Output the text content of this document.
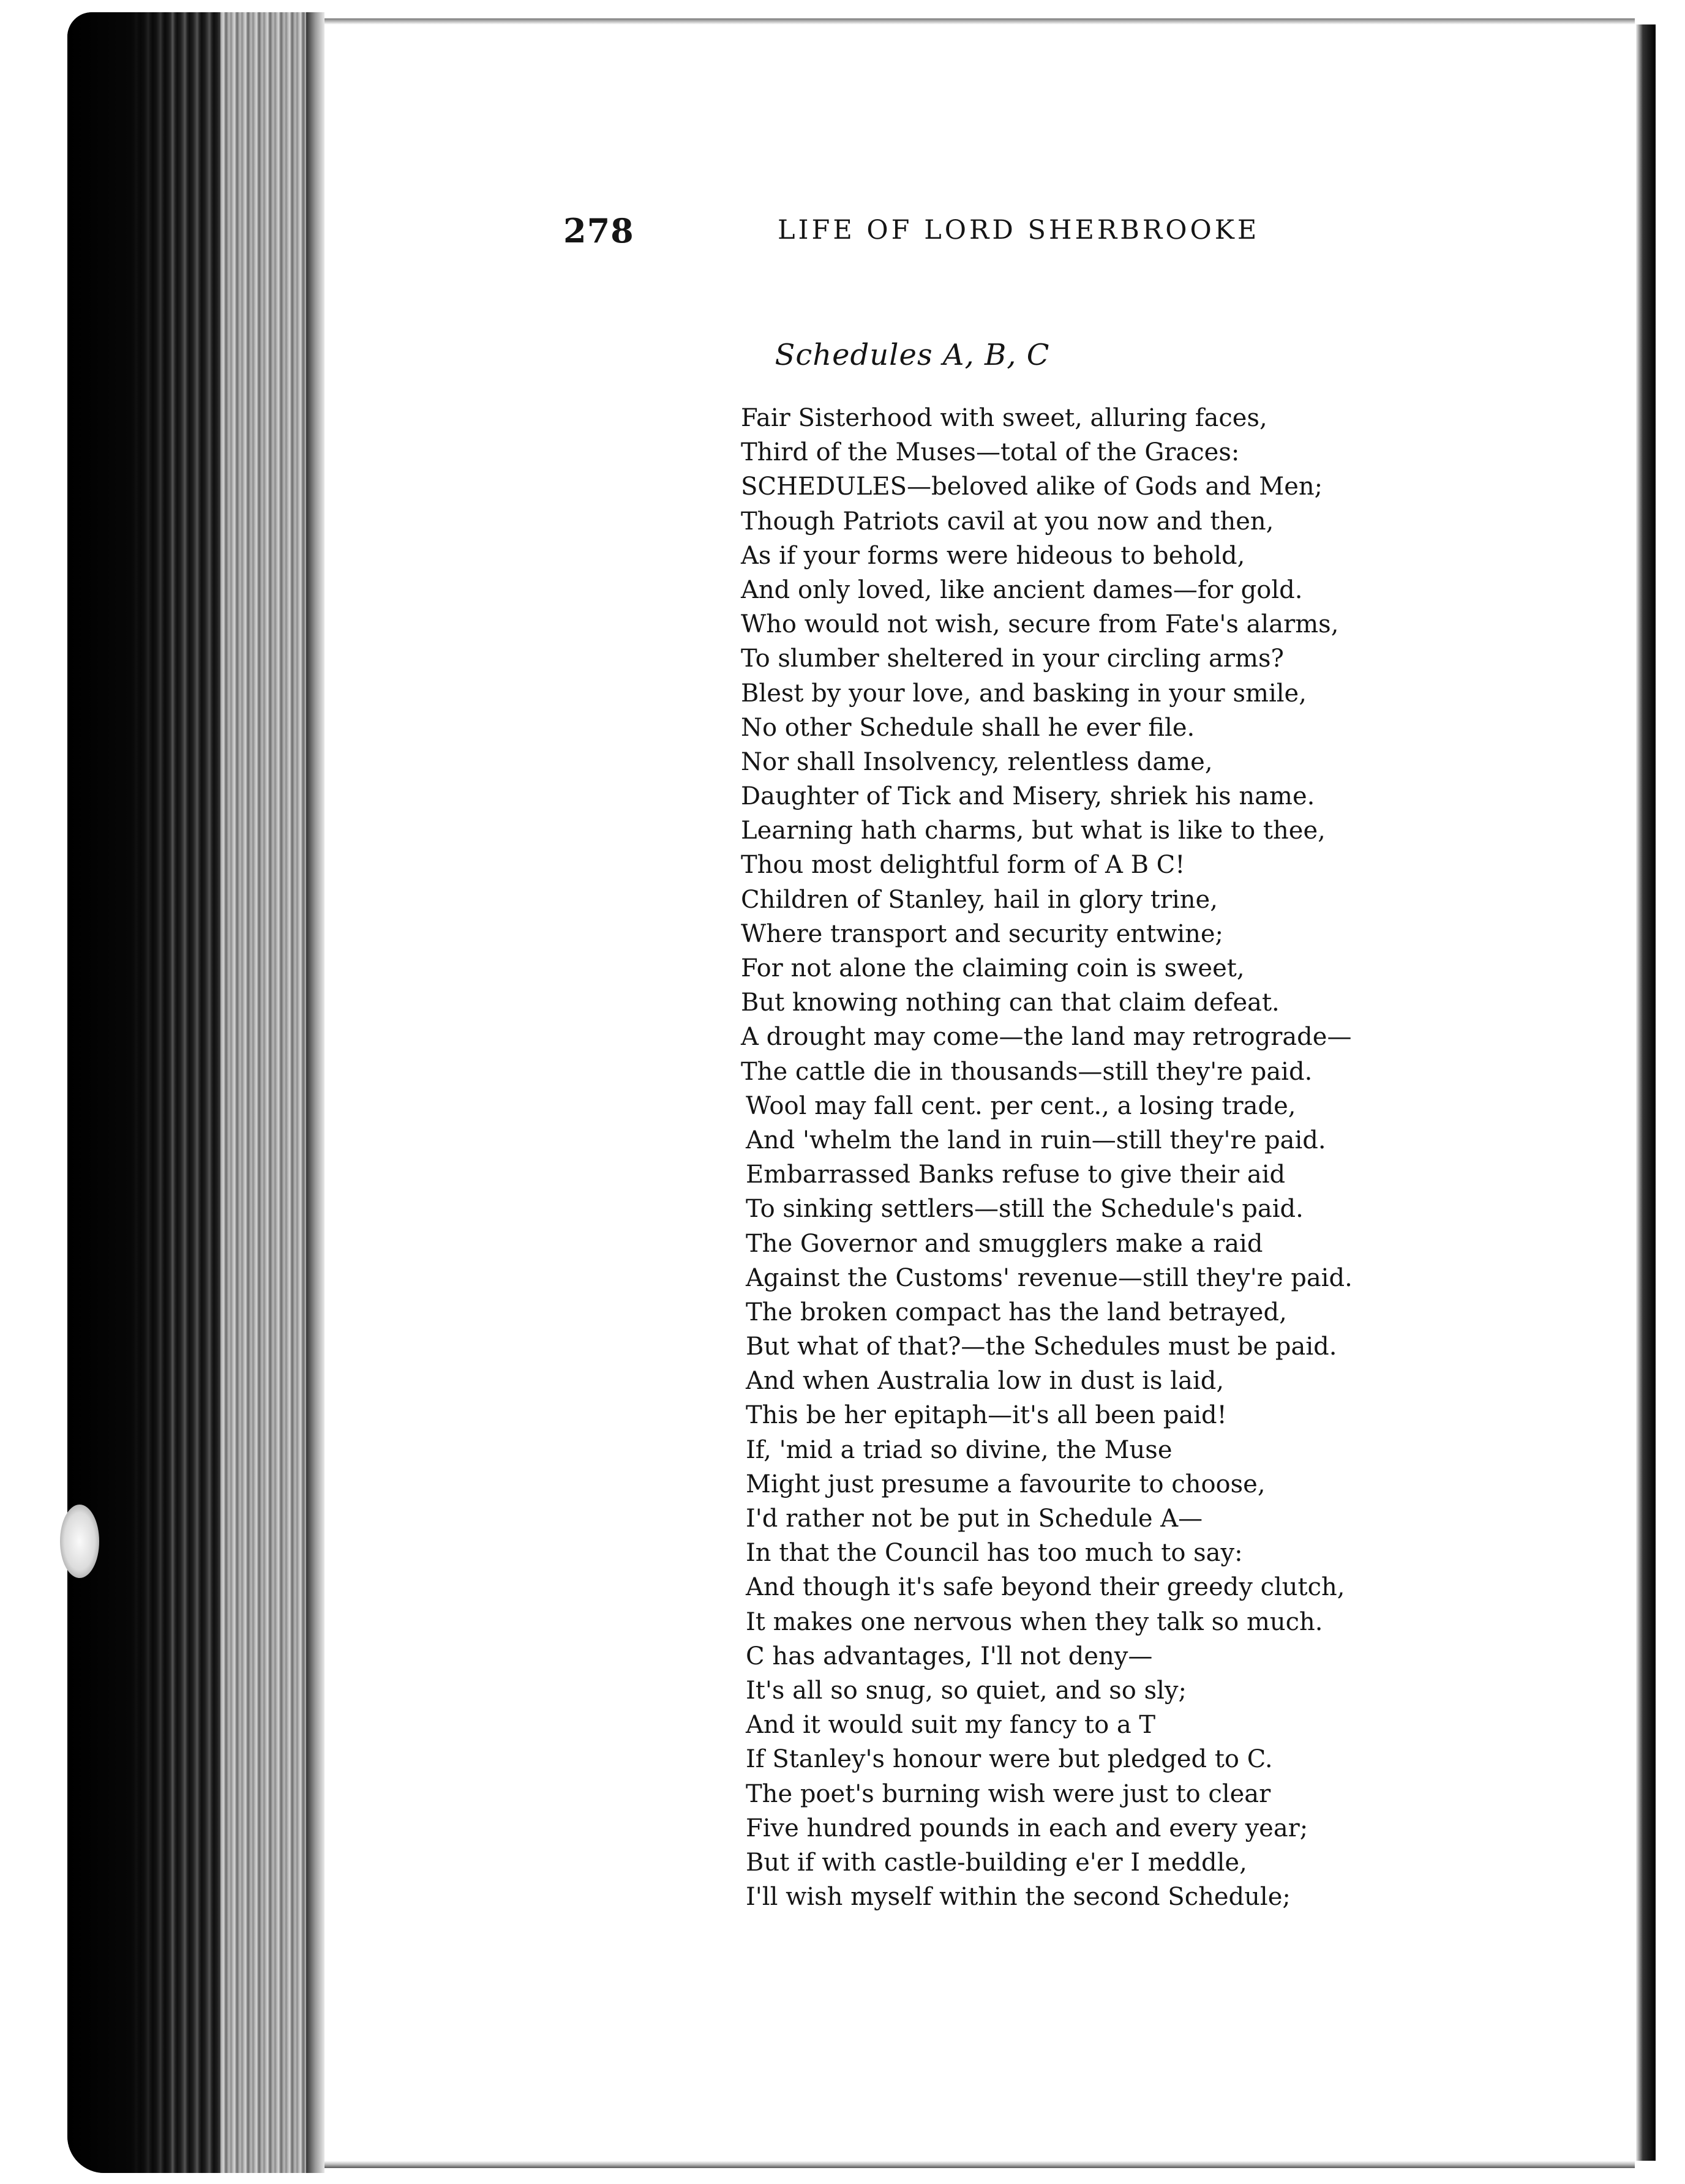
278	LIFE OF LORD SHERBROOKE
Schedules A, B, C
Fair Sisterhood with sweet, alluring faces,
Third of the Muses—total of the Graces:
SCHEDULES—beloved alike of Gods and Men;
Though Patriots cavil at you now and then,
As if your forms were hideous to behold,
And only loved, like ancient dames—for gold.
Who would not wish, secure from Fate's alarms,
To slumber sheltered in your circling arms?
Blest by your love, and basking in your smile,
No other Schedule shall he ever file.
Nor shall Insolvency, relentless dame,
Daughter of Tick and Misery, shriek his name.
Learning hath charms, but what is like to thee,
Thou most delightful form of A B C!
Children of Stanley, hail in glory trine,
Where transport and security entwine;
For not alone the claiming coin is sweet,
But knowing nothing can that claim defeat.
A drought may come—the land may retrograde—
The cattle die in thousands—still they're paid.
Wool may fall cent. per cent., a losing trade,
And 'whelm the land in ruin—still they're paid.
Embarrassed Banks refuse to give their aid
To sinking settlers—still the Schedule's paid.
The Governor and smugglers make a raid
Against the Customs' revenue—still they're paid.
The broken compact has the land betrayed,
But what of that?—the Schedules must be paid.
And when Australia low in dust is laid,
This be her epitaph—it's all been paid!
If, 'mid a triad so divine, the Muse
Might just presume a favourite to choose,
I'd rather not be put in Schedule A—
In that the Council has too much to say:
And though it's safe beyond their greedy clutch,
It makes one nervous when they talk so much.
C has advantages, I'll not deny—
It's all so snug, so quiet, and so sly;
And it would suit my fancy to a T
If Stanley's honour were but pledged to C.
The poet's burning wish were just to clear
Five hundred pounds in each and every year;
But if with castle-building e'er I meddle,
I'll wish myself within the second Schedule;
